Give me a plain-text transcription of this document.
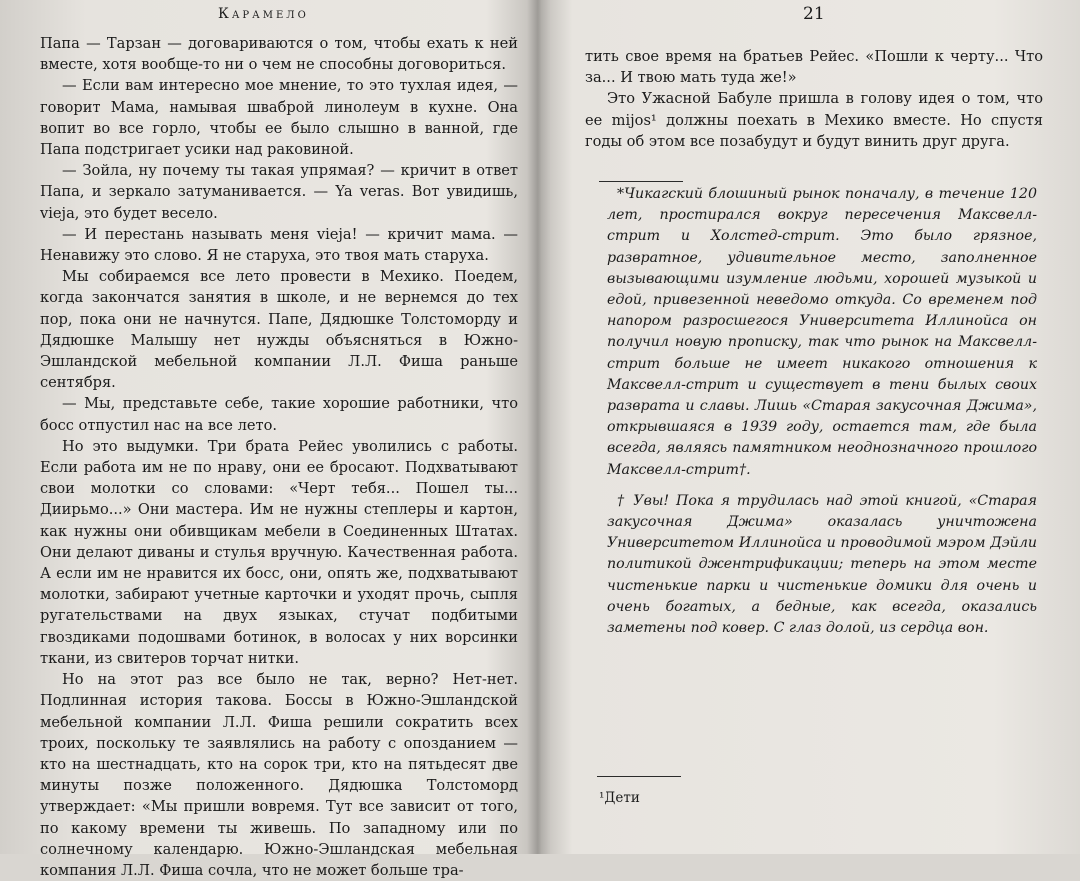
Карамело

Папа — Тарзан — договариваются о том, чтобы ехать к ней вместе, хотя вообще-то ни о чем не способны договориться.

— Если вам интересно мое мнение, то это тухлая идея, — говорит Мама, намывая шваброй линолеум в кухне. Она вопит во все горло, чтобы ее было слышно в ванной, где Папа подстригает усики над раковиной.

— Зойла, ну почему ты такая упрямая? — кричит в ответ Папа, и зеркало затуманивается. — Ya veras. Вот увидишь, vieja, это будет весело.

— И перестань называть меня vieja! — кричит мама. — Ненавижу это слово. Я не старуха, это твоя мать старуха.

Мы собираемся все лето провести в Мехико. Поедем, когда закончатся занятия в школе, и не вернемся до тех пор, пока они не начнутся. Папе, Дядюшке Толстоморду и Дядюшке Малышу нет нужды объясняться в Южно-Эшландской мебельной компании Л.Л. Фиша раньше сентября.

— Мы, представьте себе, такие хорошие работники, что босс отпустил нас на все лето.

Но это выдумки. Три брата Рейес уволились с работы. Если работа им не по нраву, они ее бросают. Подхватывают свои молотки со словами: «Черт тебя... Пошел ты... Диирьмо...» Они мастера. Им не нужны степлеры и картон, как нужны они обивщикам мебели в Соединенных Штатах. Они делают диваны и стулья вручную. Качественная работа. А если им не нравится их босс, они, опять же, подхватывают молотки, забирают учетные карточки и уходят прочь, сыпля ругательствами на двух языках, стучат подбитыми гвоздиками подошвами ботинок, в волосах у них ворсинки ткани, из свитеров торчат нитки.

Но на этот раз все было не так, верно? Нет-нет. Подлинная история такова. Боссы в Южно-Эшландской мебельной компании Л.Л. Фиша решили сократить всех троих, поскольку те заявлялись на работу с опозданием — кто на шестнадцать, кто на сорок три, кто на пятьдесят две минуты позже положенного. Дядюшка Толстоморд утверждает: «Мы пришли вовремя. Тут все зависит от того, по какому времени ты живешь. По западному или по солнечному календарю. Южно-Эшландская мебельная компания Л.Л. Фиша сочла, что не может больше тра-

21

тить свое время на братьев Рейес. «Пошли к черту... Что за... И твою мать туда же!»

Это Ужасной Бабуле пришла в голову идея о том, что ее mijos¹ должны поехать в Мехико вместе. Но спустя годы об этом все позабудут и будут винить друг друга.

*Чикагский блошиный рынок поначалу, в течение 120 лет, простирался вокруг пересечения Максвелл-стрит и Холстед-стрит. Это было грязное, развратное, удивительное место, заполненное вызывающими изумление людьми, хорошей музыкой и едой, привезенной неведомо откуда. Со временем под напором разросшегося Университета Иллинойса он получил новую прописку, так что рынок на Максвелл-стрит больше не имеет никакого отношения к Максвелл-стрит и существует в тени былых своих разврата и славы. Лишь «Старая закусочная Джима», открывшаяся в 1939 году, остается там, где была всегда, являясь памятником неоднозначного прошлого Максвелл-стрит†.

† Увы! Пока я трудилась над этой книгой, «Старая закусочная Джима» оказалась уничтожена Университетом Иллинойса и проводимой мэром Дэйли политикой джентрификации; теперь на этом месте чистенькие парки и чистенькие домики для очень и очень богатых, а бедные, как всегда, оказались заметены под ковер. С глаз долой, из сердца вон.

¹Дети
